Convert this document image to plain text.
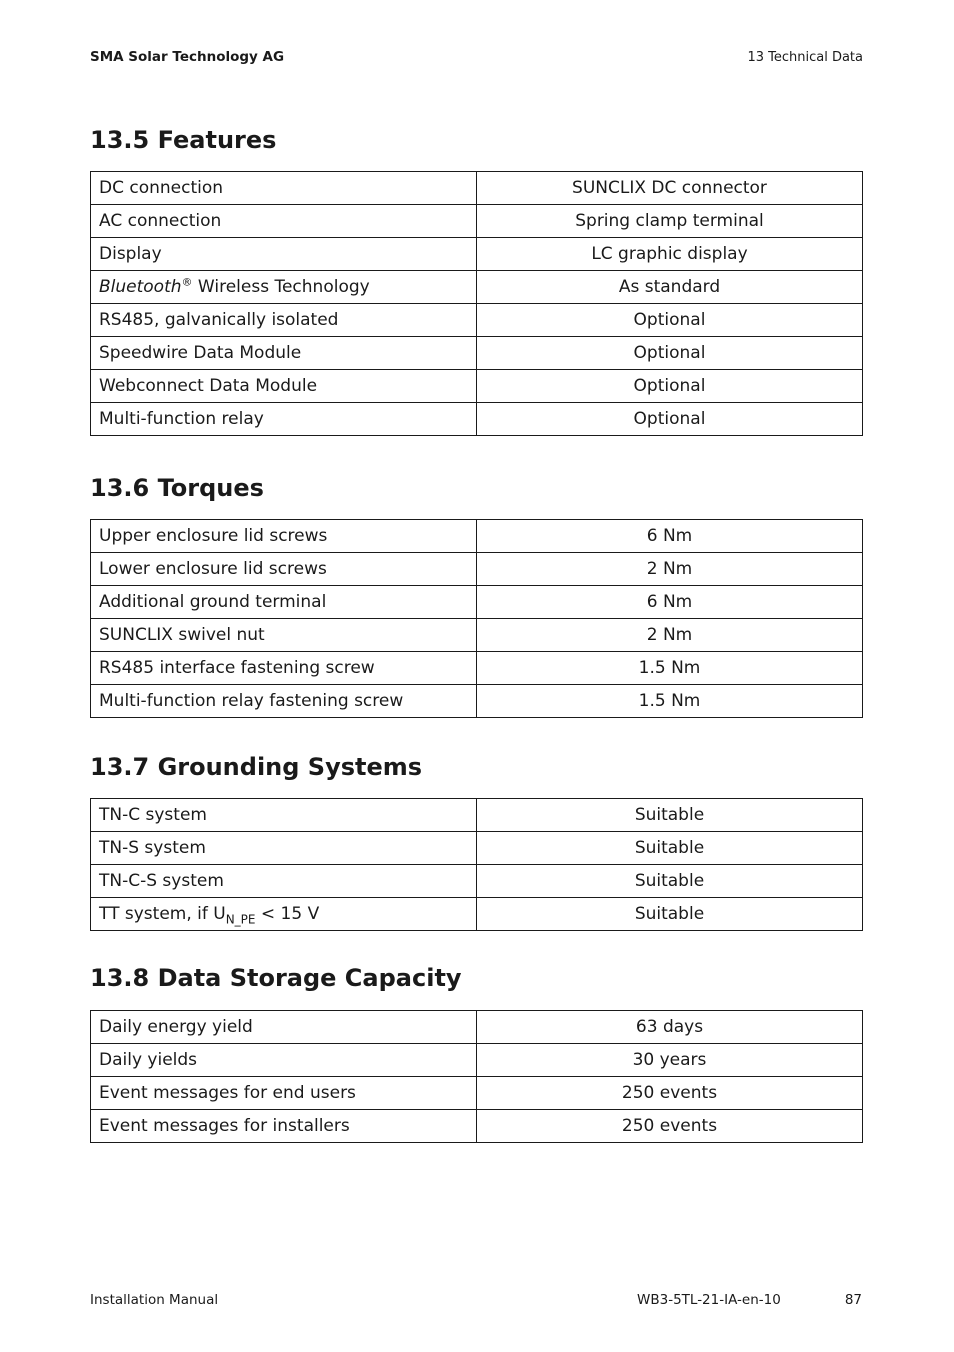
SMA Solar Technology AG	13 Technical Data
13.5 Features
DC connection	SUNCLIX DC connector
AC connection	Spring clamp terminal
Display	LC graphic display
Bluetooth® Wireless Technology	As standard
RS485, galvanically isolated	Optional
Speedwire Data Module	Optional
Webconnect Data Module	Optional
Multi-function relay	Optional
13.6 Torques
Upper enclosure lid screws	6 Nm
Lower enclosure lid screws	2 Nm
Additional ground terminal	6 Nm
SUNCLIX swivel nut	2 Nm
RS485 interface fastening screw	1.5 Nm
Multi-function relay fastening screw	1.5 Nm
13.7 Grounding Systems
TN-C system	Suitable
TN-S system	Suitable
TN-C-S system	Suitable
TT system, if $U_{N\_PE} < 15$ V	Suitable
13.8 Data Storage Capacity
Daily energy yield	63 days
Daily yields	30 years
Event messages for end users	250 events
Event messages for installers	250 events
Installation Manual	WB3-5TL-21-IA-en-10	87
